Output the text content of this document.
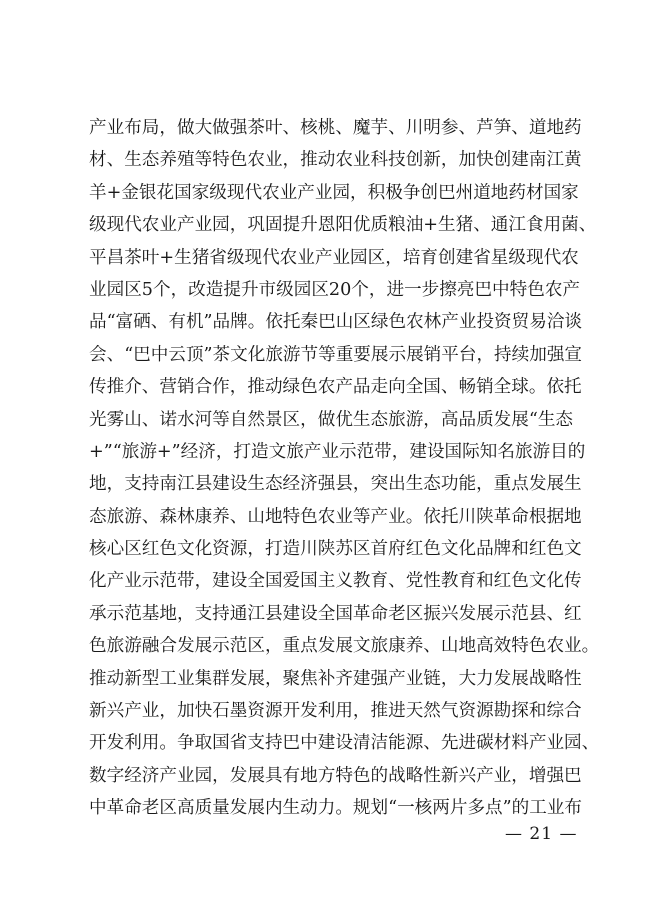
产业布局，做大做强茶叶、核桃、魔芋、川明参、芦笋、道地药
材、生态养殖等特色农业，推动农业科技创新，加快创建南江黄
羊+金银花国家级现代农业产业园，积极争创巴州道地药材国家
级现代农业产业园，巩固提升恩阳优质粮油+生猪、通江食用菌、
平昌茶叶+生猪省级现代农业产业园区，培育创建省星级现代农
业园区5个，改造提升市级园区20个，进一步擦亮巴中特色农产
品“富硒、有机”品牌。依托秦巴山区绿色农林产业投资贸易洽谈
会、“巴中云顶”茶文化旅游节等重要展示展销平台，持续加强宣
传推介、营销合作，推动绿色农产品走向全国、畅销全球。依托
光雾山、诺水河等自然景区，做优生态旅游，高品质发展“生态
+”“旅游+”经济，打造文旅产业示范带，建设国际知名旅游目的
地，支持南江县建设生态经济强县，突出生态功能，重点发展生
态旅游、森林康养、山地特色农业等产业。依托川陕革命根据地
核心区红色文化资源，打造川陕苏区首府红色文化品牌和红色文
化产业示范带，建设全国爱国主义教育、党性教育和红色文化传
承示范基地，支持通江县建设全国革命老区振兴发展示范县、红
色旅游融合发展示范区，重点发展文旅康养、山地高效特色农业。
推动新型工业集群发展，聚焦补齐建强产业链，大力发展战略性
新兴产业，加快石墨资源开发利用，推进天然气资源勘探和综合
开发利用。争取国省支持巴中建设清洁能源、先进碳材料产业园、
数字经济产业园，发展具有地方特色的战略性新兴产业，增强巴
中革命老区高质量发展内生动力。规划“一核两片多点”的工业布
— 21 —
